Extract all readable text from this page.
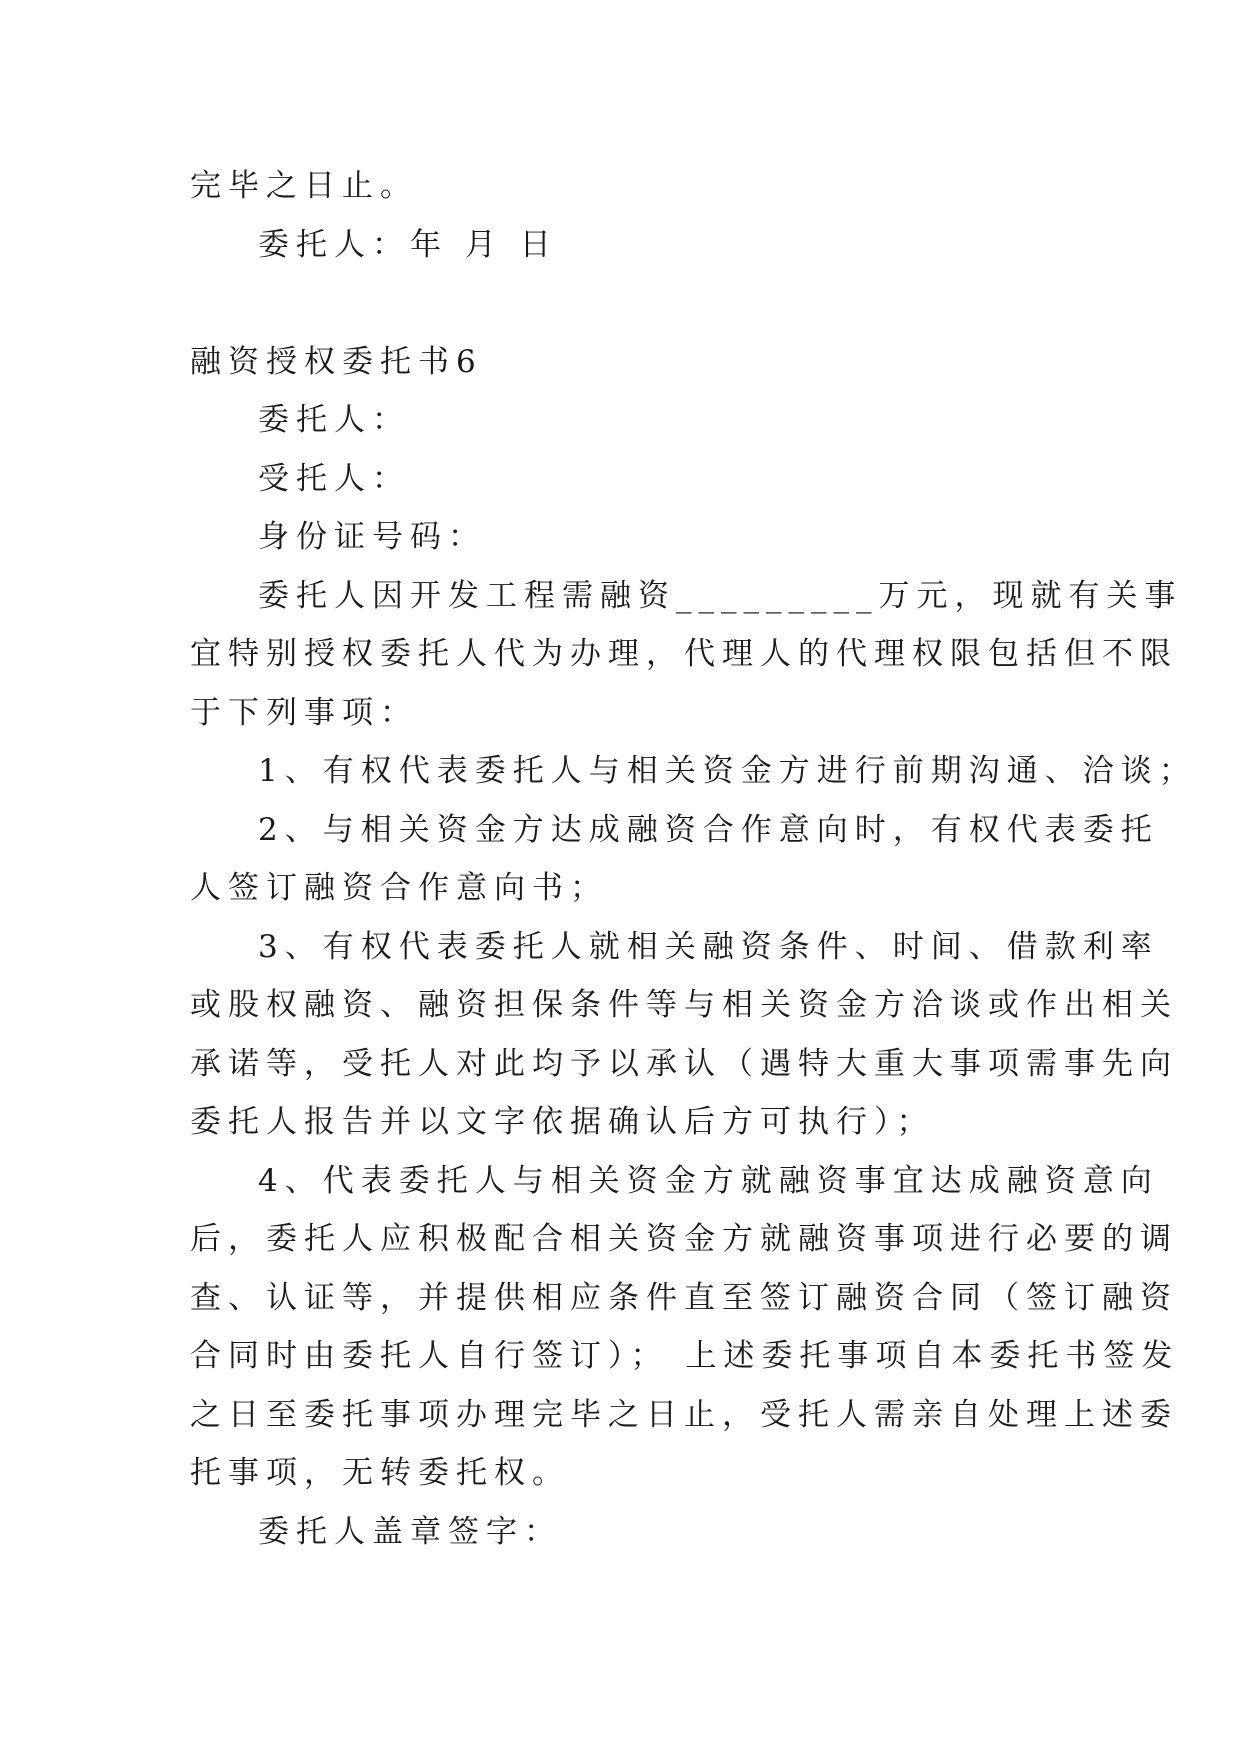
完毕之日止。
委托人：年 月 日
融资授权委托书6
委托人：
受托人：
身份证号码：
委托人因开发工程需融资_________万元，现就有关事
宜特别授权委托人代为办理，代理人的代理权限包括但不限
于下列事项：
1、有权代表委托人与相关资金方进行前期沟通、洽谈；
2、与相关资金方达成融资合作意向时，有权代表委托
人签订融资合作意向书；
3、有权代表委托人就相关融资条件、时间、借款利率
或股权融资、融资担保条件等与相关资金方洽谈或作出相关
承诺等，受托人对此均予以承认（遇特大重大事项需事先向
委托人报告并以文字依据确认后方可执行）；
4、代表委托人与相关资金方就融资事宜达成融资意向
后，委托人应积极配合相关资金方就融资事项进行必要的调
查、认证等，并提供相应条件直至签订融资合同（签订融资
合同时由委托人自行签订）； 上述委托事项自本委托书签发
之日至委托事项办理完毕之日止，受托人需亲自处理上述委
托事项，无转委托权。
委托人盖章签字：
